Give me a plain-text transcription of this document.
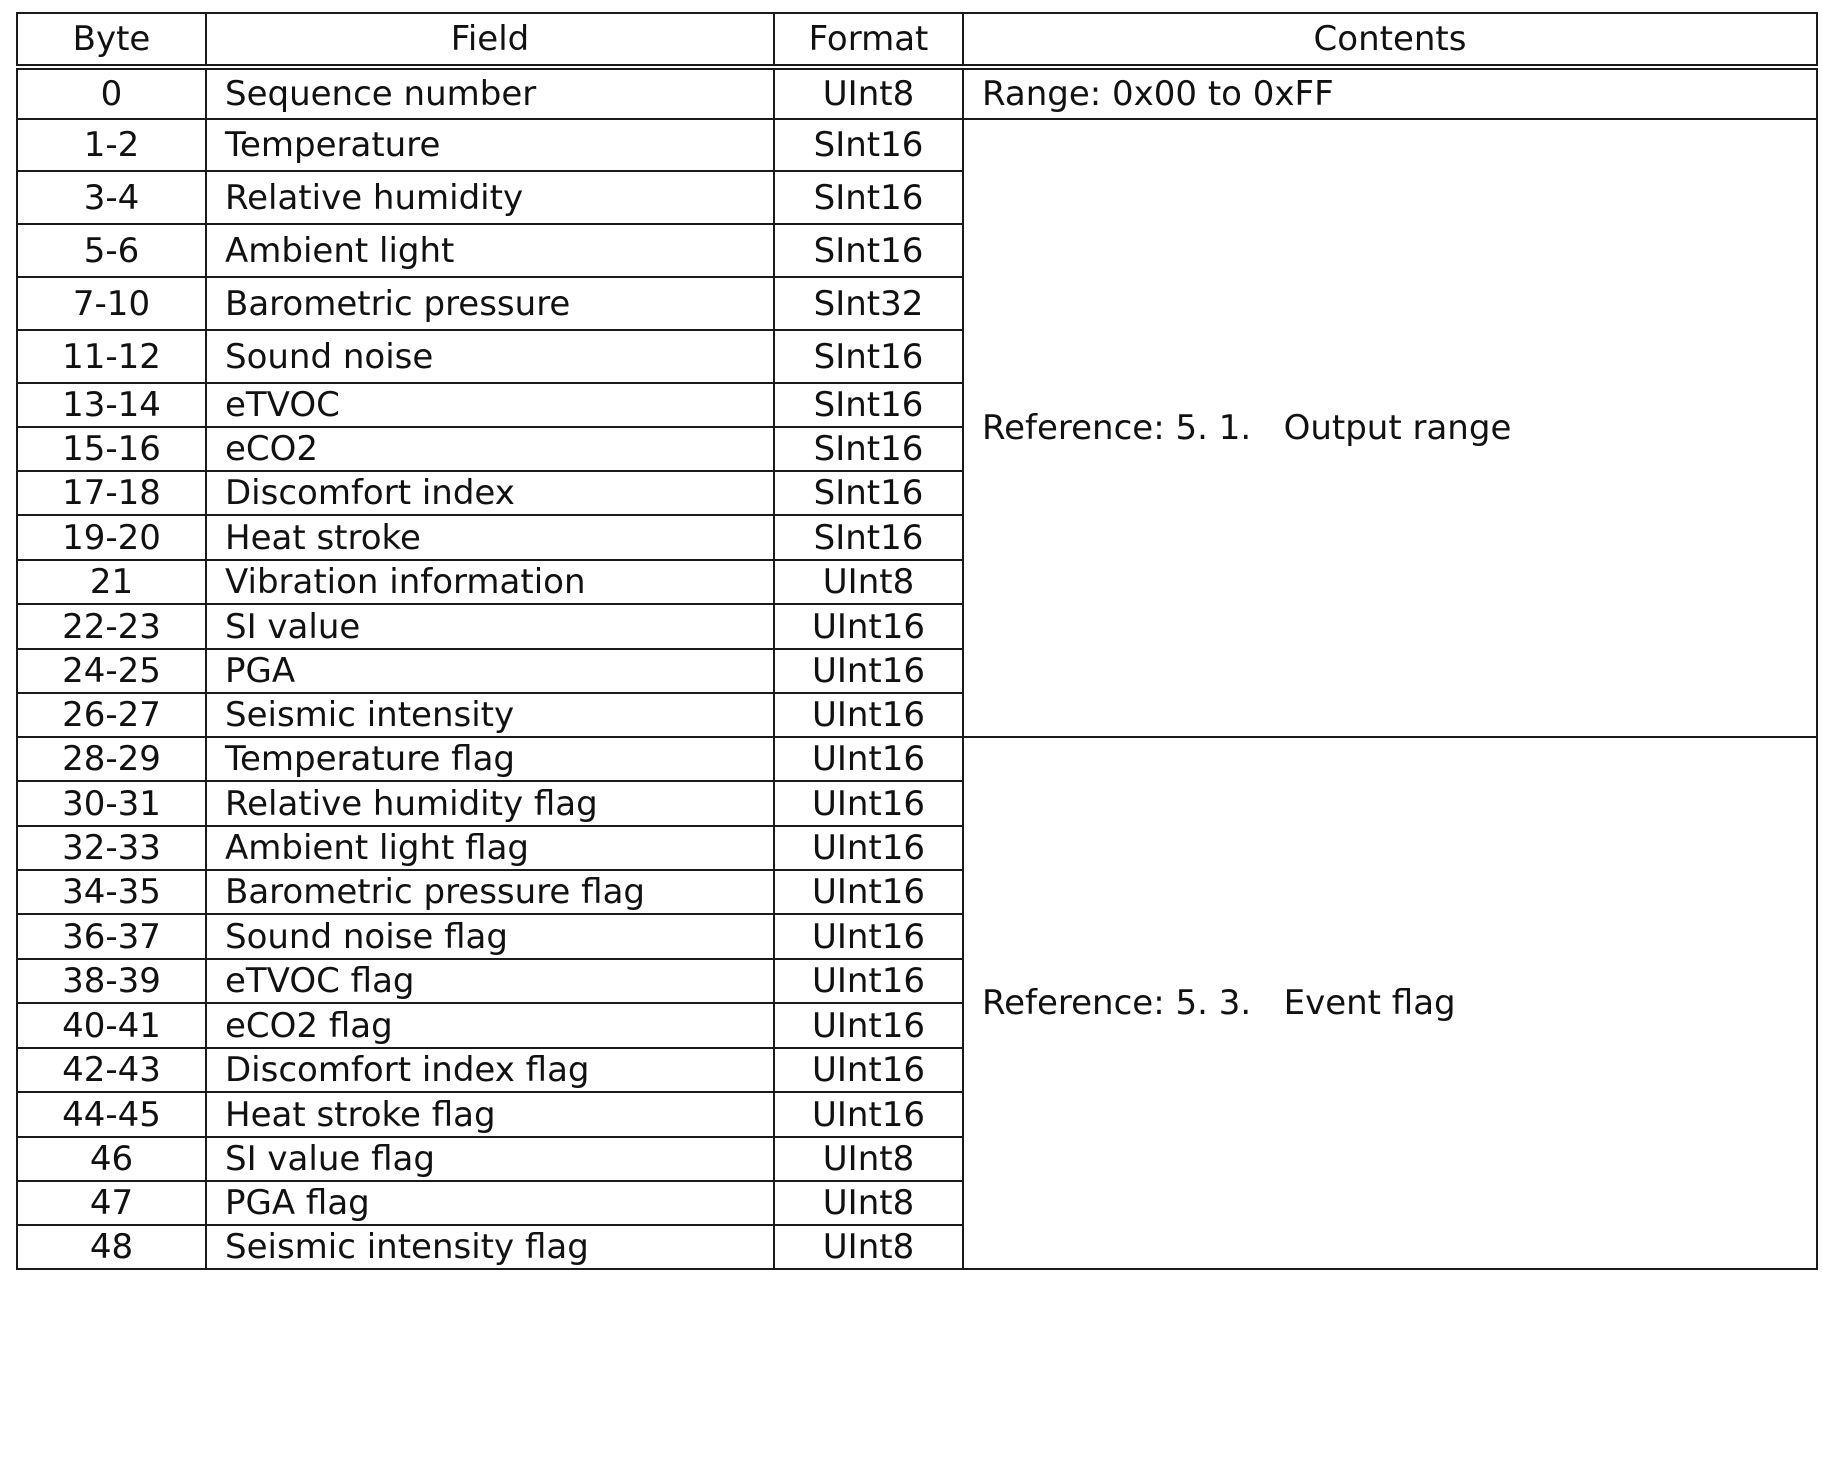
Byte	Field	Format	Contents
0	Sequence number	UInt8	Range: 0x00 to 0xFF
1-2	Temperature	SInt16	Reference: 5. 1.   Output range
3-4	Relative humidity	SInt16	
5-6	Ambient light	SInt16	
7-10	Barometric pressure	SInt32	
11-12	Sound noise	SInt16	
13-14	eTVOC	SInt16	
15-16	eCO2	SInt16	
17-18	Discomfort index	SInt16	
19-20	Heat stroke	SInt16	
21	Vibration information	UInt8	
22-23	SI value	UInt16	
24-25	PGA	UInt16	
26-27	Seismic intensity	UInt16	
28-29	Temperature flag	UInt16	Reference: 5. 3.   Event flag
30-31	Relative humidity flag	UInt16	
32-33	Ambient light flag	UInt16	
34-35	Barometric pressure flag	UInt16	
36-37	Sound noise flag	UInt16	
38-39	eTVOC flag	UInt16	
40-41	eCO2 flag	UInt16	
42-43	Discomfort index flag	UInt16	
44-45	Heat stroke flag	UInt16	
46	SI value flag	UInt8	
47	PGA flag	UInt8	
48	Seismic intensity flag	UInt8	
